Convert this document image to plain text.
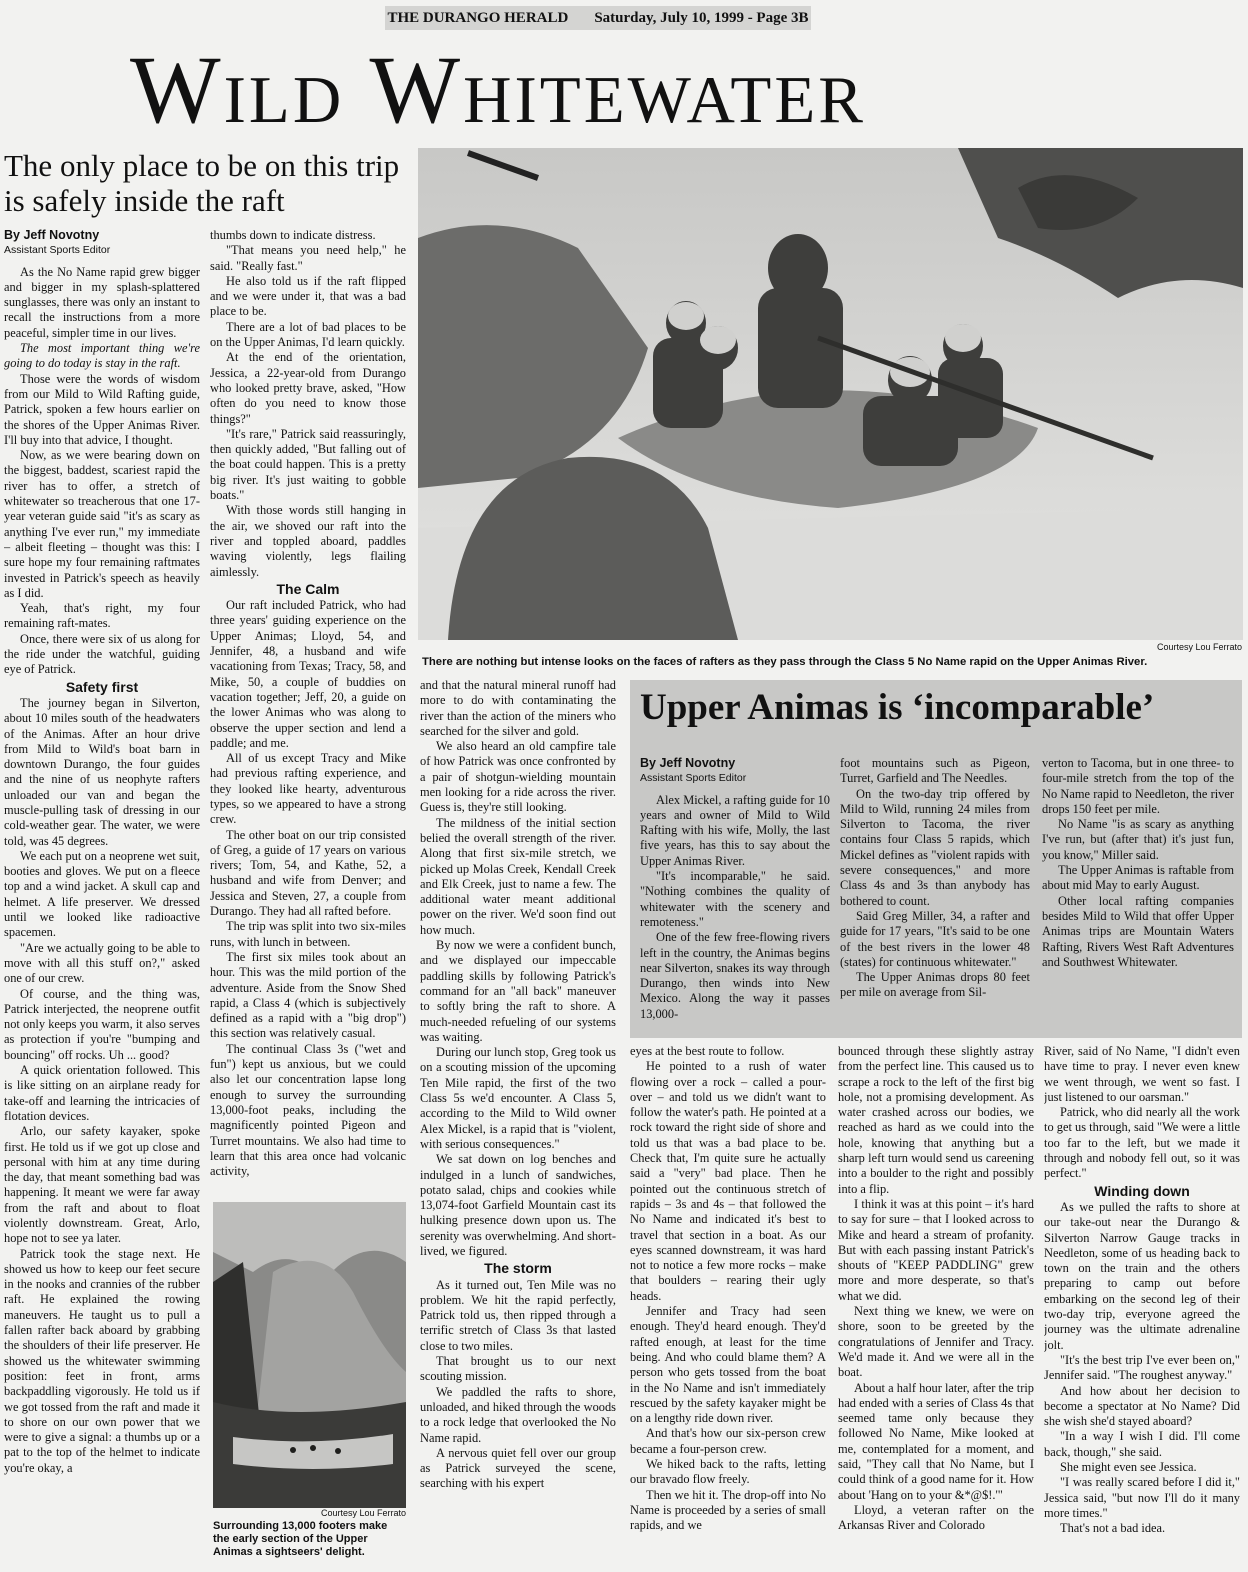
THE DURANGO HERALD Saturday, July 10, 1999 - Page 3B
Wild Whitewater
The only place to be on this trip is safely inside the raft
Courtesy Lou Ferrato
There are nothing but intense looks on the faces of rafters as they pass through the Class 5 No Name rapid on the Upper Animas River.
By Jeff Novotny
Assistant Sports Editor

As the No Name rapid grew bigger and bigger in my splash-splattered sunglasses, there was only an instant to recall the instructions from a more peaceful, simpler time in our lives.

The most important thing we're going to do today is stay in the raft.

Those were the words of wisdom from our Mild to Wild Rafting guide, Patrick, spoken a few hours earlier on the shores of the Upper Animas River. I'll buy into that advice, I thought.

Now, as we were bearing down on the biggest, baddest, scariest rapid the river has to offer, a stretch of whitewater so treacherous that one 17-year veteran guide said "it's as scary as anything I've ever run," my immediate – albeit fleeting – thought was this: I sure hope my four remaining raftmates invested in Patrick's speech as heavily as I did.

Yeah, that's right, my four remaining raft-mates.

Once, there were six of us along for the ride under the watchful, guiding eye of Patrick.

Safety first

The journey began in Silverton, about 10 miles south of the headwaters of the Animas. After an hour drive from Mild to Wild's boat barn in downtown Durango, the four guides and the nine of us neophyte rafters unloaded our van and began the muscle-pulling task of dressing in our cold-weather gear. The water, we were told, was 45 degrees.

We each put on a neoprene wet suit, booties and gloves. We put on a fleece top and a wind jacket. A skull cap and helmet. A life preserver. We dressed until we looked like radioactive spacemen.

"Are we actually going to be able to move with all this stuff on?," asked one of our crew.

Of course, and the thing was, Patrick interjected, the neoprene outfit not only keeps you warm, it also serves as protection if you're "bumping and bouncing" off rocks. Uh ... good?

A quick orientation followed. This is like sitting on an airplane ready for take-off and learning the intricacies of flotation devices.

Arlo, our safety kayaker, spoke first. He told us if we got up close and personal with him at any time during the day, that meant something bad was happening. It meant we were far away from the raft and about to float violently downstream. Great, Arlo, hope not to see ya later.

Patrick took the stage next. He showed us how to keep our feet secure in the nooks and crannies of the rubber raft. He explained the rowing maneuvers. He taught us to pull a fallen rafter back aboard by grabbing the shoulders of their life preserver. He showed us the whitewater swimming position: feet in front, arms backpaddling vigorously. He told us if we got tossed from the raft and made it to shore on our own power that we were to give a signal: a thumbs up or a pat to the top of the helmet to indicate you're okay, a

thumbs down to indicate distress.

"That means you need help," he said. "Really fast."

He also told us if the raft flipped and we were under it, that was a bad place to be.

There are a lot of bad places to be on the Upper Animas, I'd learn quickly.

At the end of the orientation, Jessica, a 22-year-old from Durango who looked pretty brave, asked, "How often do you need to know those things?"

"It's rare," Patrick said reassuringly, then quickly added, "But falling out of the boat could happen. This is a pretty big river. It's just waiting to gobble boats."

With those words still hanging in the air, we shoved our raft into the river and toppled aboard, paddles waving violently, legs flailing aimlessly.

The Calm

Our raft included Patrick, who had three years' guiding experience on the Upper Animas; Lloyd, 54, and Jennifer, 48, a husband and wife vacationing from Texas; Tracy, 58, and Mike, 50, a couple of buddies on vacation together; Jeff, 20, a guide on the lower Animas who was along to observe the upper section and lend a paddle; and me.

All of us except Tracy and Mike had previous rafting experience, and they looked like hearty, adventurous types, so we appeared to have a strong crew.

The other boat on our trip consisted of Greg, a guide of 17 years on various rivers; Tom, 54, and Kathe, 52, a husband and wife from Denver; and Jessica and Steven, 27, a couple from Durango. They had all rafted before.

The trip was split into two six-miles runs, with lunch in between.

The first six miles took about an hour. This was the mild portion of the adventure. Aside from the Snow Shed rapid, a Class 4 (which is subjectively defined as a rapid with a "big drop") this section was relatively casual.

The continual Class 3s ("wet and fun") kept us anxious, but we could also let our concentration lapse long enough to survey the surrounding 13,000-foot peaks, including the magnificently pointed Pigeon and Turret mountains. We also had time to learn that this area once had volcanic activity,

Courtesy Lou Ferrato
Surrounding 13,000 footers make the early section of the Upper Animas a sightseers' delight.

and that the natural mineral runoff had more to do with contaminating the river than the action of the miners who searched for the silver and gold.

We also heard an old campfire tale of how Patrick was once confronted by a pair of shotgun-wielding mountain men looking for a ride across the river. Guess is, they're still looking.

The mildness of the initial section belied the overall strength of the river. Along that first six-mile stretch, we picked up Molas Creek, Kendall Creek and Elk Creek, just to name a few. The additional water meant additional power on the river. We'd soon find out how much.

By now we were a confident bunch, and we displayed our impeccable paddling skills by following Patrick's command for an "all back" maneuver to softly bring the raft to shore. A much-needed refueling of our systems was waiting.

During our lunch stop, Greg took us on a scouting mission of the upcoming Ten Mile rapid, the first of the two Class 5s we'd encounter. A Class 5, according to the Mild to Wild owner Alex Mickel, is a rapid that is "violent, with serious consequences."

We sat down on log benches and indulged in a lunch of sandwiches, potato salad, chips and cookies while 13,074-foot Garfield Mountain cast its hulking presence down upon us. The serenity was overwhelming. And short-lived, we figured.

The storm

As it turned out, Ten Mile was no problem. We hit the rapid perfectly, Patrick told us, then ripped through a terrific stretch of Class 3s that lasted close to two miles.

That brought us to our next scouting mission.

We paddled the rafts to shore, unloaded, and hiked through the woods to a rock ledge that overlooked the No Name rapid.

A nervous quiet fell over our group as Patrick surveyed the scene, searching with his expert

Upper Animas is ‘incomparable’
By Jeff Novotny
Assistant Sports Editor

Alex Mickel, a rafting guide for 10 years and owner of Mild to Wild Rafting with his wife, Molly, the last five years, has this to say about the Upper Animas River.

"It's incomparable," he said. "Nothing combines the quality of whitewater with the scenery and remoteness."

One of the few free-flowing rivers left in the country, the Animas begins near Silverton, snakes its way through Durango, then winds into New Mexico. Along the way it passes 13,000-

foot mountains such as Pigeon, Turret, Garfield and The Needles.

On the two-day trip offered by Mild to Wild, running 24 miles from Silverton to Tacoma, the river contains four Class 5 rapids, which Mickel defines as "violent rapids with severe consequences," and more Class 4s and 3s than anybody has bothered to count.

Said Greg Miller, 34, a rafter and guide for 17 years, "It's said to be one of the best rivers in the lower 48 (states) for continuous whitewater."

The Upper Animas drops 80 feet per mile on average from Sil-

verton to Tacoma, but in one three- to four-mile stretch from the top of the No Name rapid to Needleton, the river drops 150 feet per mile.

No Name "is as scary as anything I've run, but (after that) it's just fun, you know," Miller said.

The Upper Animas is raftable from about mid May to early August.

Other local rafting companies besides Mild to Wild that offer Upper Animas trips are Mountain Waters Rafting, Rivers West Raft Adventures and Southwest Whitewater.

eyes at the best route to follow.

He pointed to a rush of water flowing over a rock – called a pour-over – and told us we didn't want to follow the water's path. He pointed at a rock toward the right side of shore and told us that was a bad place to be. Check that, I'm quite sure he actually said a "very" bad place. Then he pointed out the continuous stretch of rapids – 3s and 4s – that followed the No Name and indicated it's best to travel that section in a boat. As our eyes scanned downstream, it was hard not to notice a few more rocks – make that boulders – rearing their ugly heads.

Jennifer and Tracy had seen enough. They'd heard enough. They'd rafted enough, at least for the time being. And who could blame them? A person who gets tossed from the boat in the No Name and isn't immediately rescued by the safety kayaker might be on a lengthy ride down river.

And that's how our six-person crew became a four-person crew.

We hiked back to the rafts, letting our bravado flow freely.

Then we hit it. The drop-off into No Name is proceeded by a series of small rapids, and we

bounced through these slightly astray from the perfect line. This caused us to scrape a rock to the left of the first big hole, not a promising development. As water crashed across our bodies, we reached as hard as we could into the hole, knowing that anything but a sharp left turn would send us careening into a boulder to the right and possibly into a flip.

I think it was at this point – it's hard to say for sure – that I looked across to Mike and heard a stream of profanity. But with each passing instant Patrick's shouts of "KEEP PADDLING" grew more and more desperate, so that's what we did.

Next thing we knew, we were on shore, soon to be greeted by the congratulations of Jennifer and Tracy. We'd made it. And we were all in the boat.

About a half hour later, after the trip had ended with a series of Class 4s that seemed tame only because they followed No Name, Mike looked at me, contemplated for a moment, and said, "They call that No Name, but I could think of a good name for it. How about 'Hang on to your &*@$!.'"

Lloyd, a veteran rafter on the Arkansas River and Colorado

River, said of No Name, "I didn't even have time to pray. I never even knew we went through, we went so fast. I just listened to our oarsman."

Patrick, who did nearly all the work to get us through, said "We were a little too far to the left, but we made it through and nobody fell out, so it was perfect."

Winding down

As we pulled the rafts to shore at our take-out near the Durango & Silverton Narrow Gauge tracks in Needleton, some of us heading back to town on the train and the others preparing to camp out before embarking on the second leg of their two-day trip, everyone agreed the journey was the ultimate adrenaline jolt.

"It's the best trip I've ever been on," Jennifer said. "The roughest anyway."

And how about her decision to become a spectator at No Name? Did she wish she'd stayed aboard?

"In a way I wish I did. I'll come back, though," she said.

She might even see Jessica.

"I was really scared before I did it," Jessica said, "but now I'll do it many more times."

That's not a bad idea.
